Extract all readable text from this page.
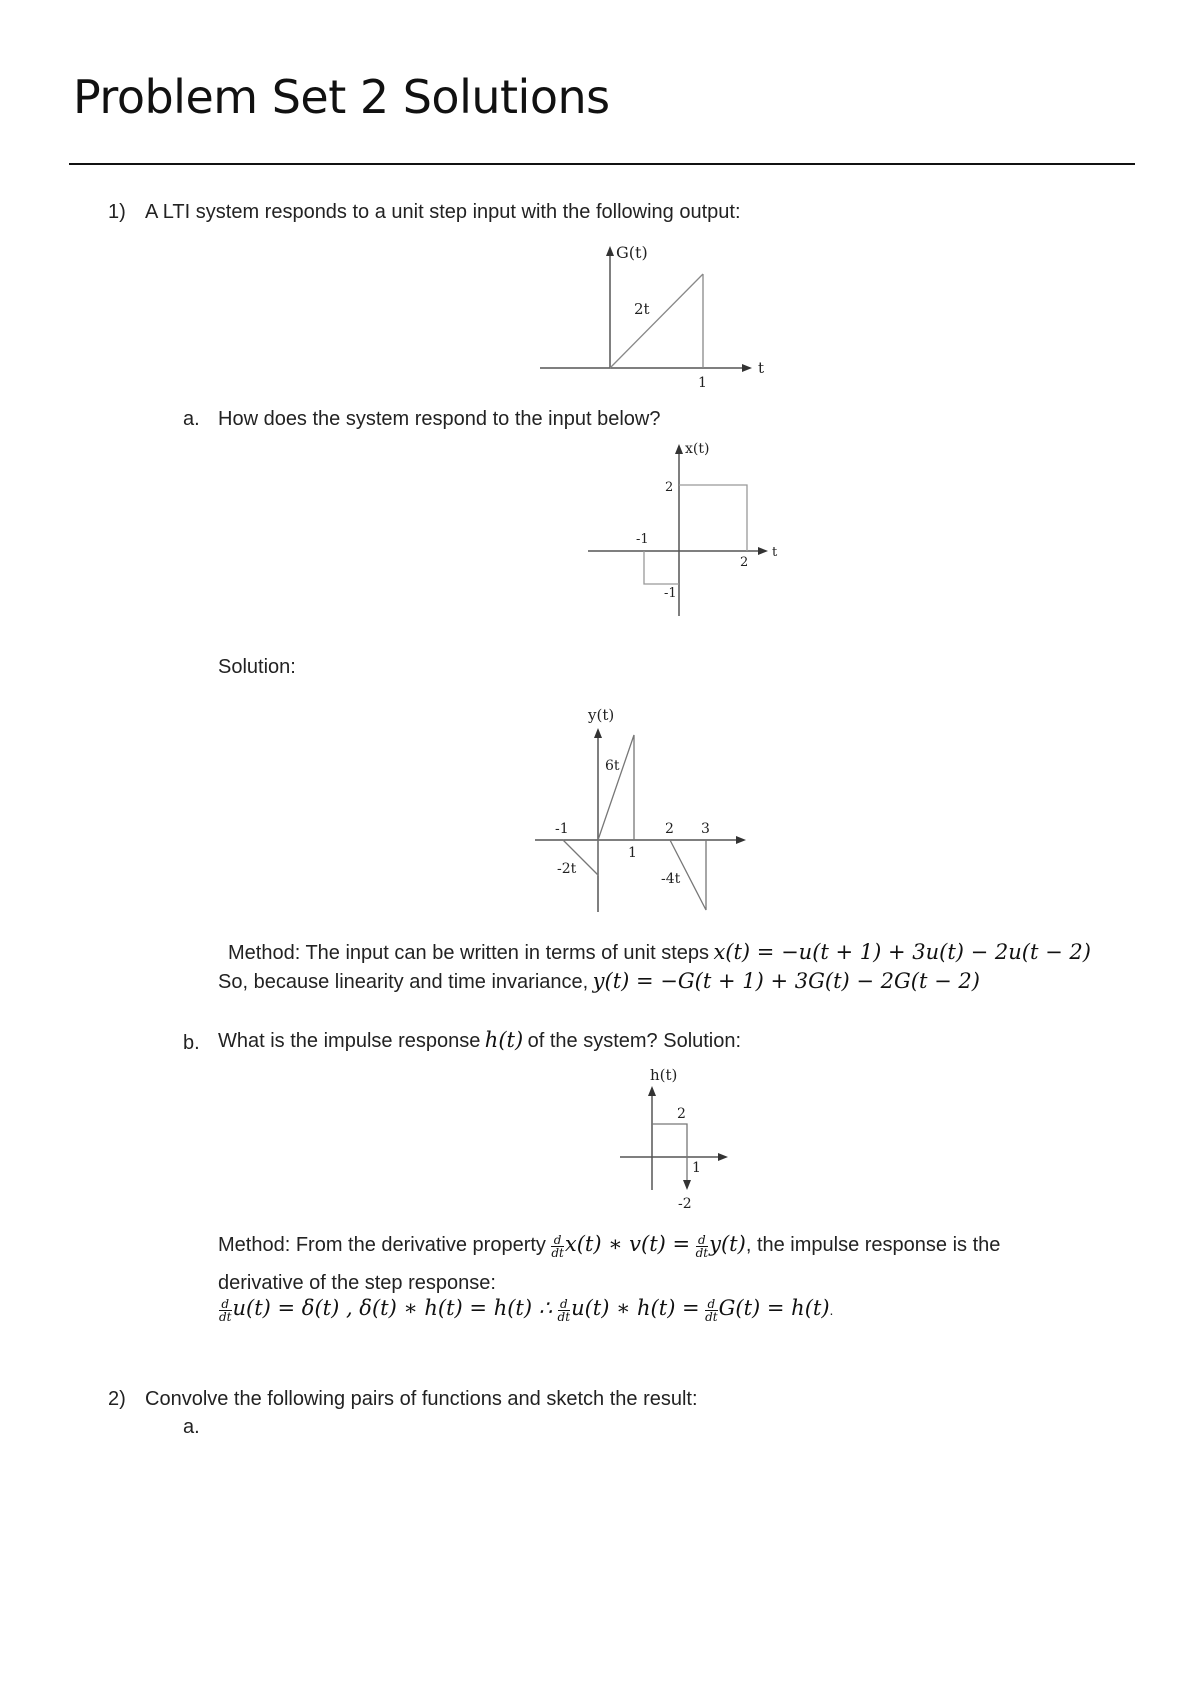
Problem Set 2 Solutions
1) A LTI system responds to a unit step input with the following output:
G(t)
t
2t
1
a. How does the system respond to the input below?
x(t)
t
2
-1
2
-1
Solution:
y(t)
6t
-1
1
2 3
-2t
-4t
Method: The input can be written in terms of unit steps x(t) = −u(t + 1) + 3u(t) − 2u(t − 2)
So, because linearity and time invariance, y(t) = −G(t + 1) + 3G(t) − 2G(t − 2)
b. What is the impulse response h(t) of the system? Solution:
h(t)
2
1
-2
Method: From the derivative property $\frac{d}{dt} x(t)$ ∗ $v(t) = \frac{d}{dt} y(t)$, the impulse response is the
derivative of the step response:
$\frac{d}{dt} u(t) = \delta(t)$ , δ(t) ∗ h(t) = h(t) ∴ $\frac{d}{dt} u(t)$ ∗ $h(t) = \frac{d}{dt} G(t) = h(t)$.
2) Convolve the following pairs of functions and sketch the result:
a.
